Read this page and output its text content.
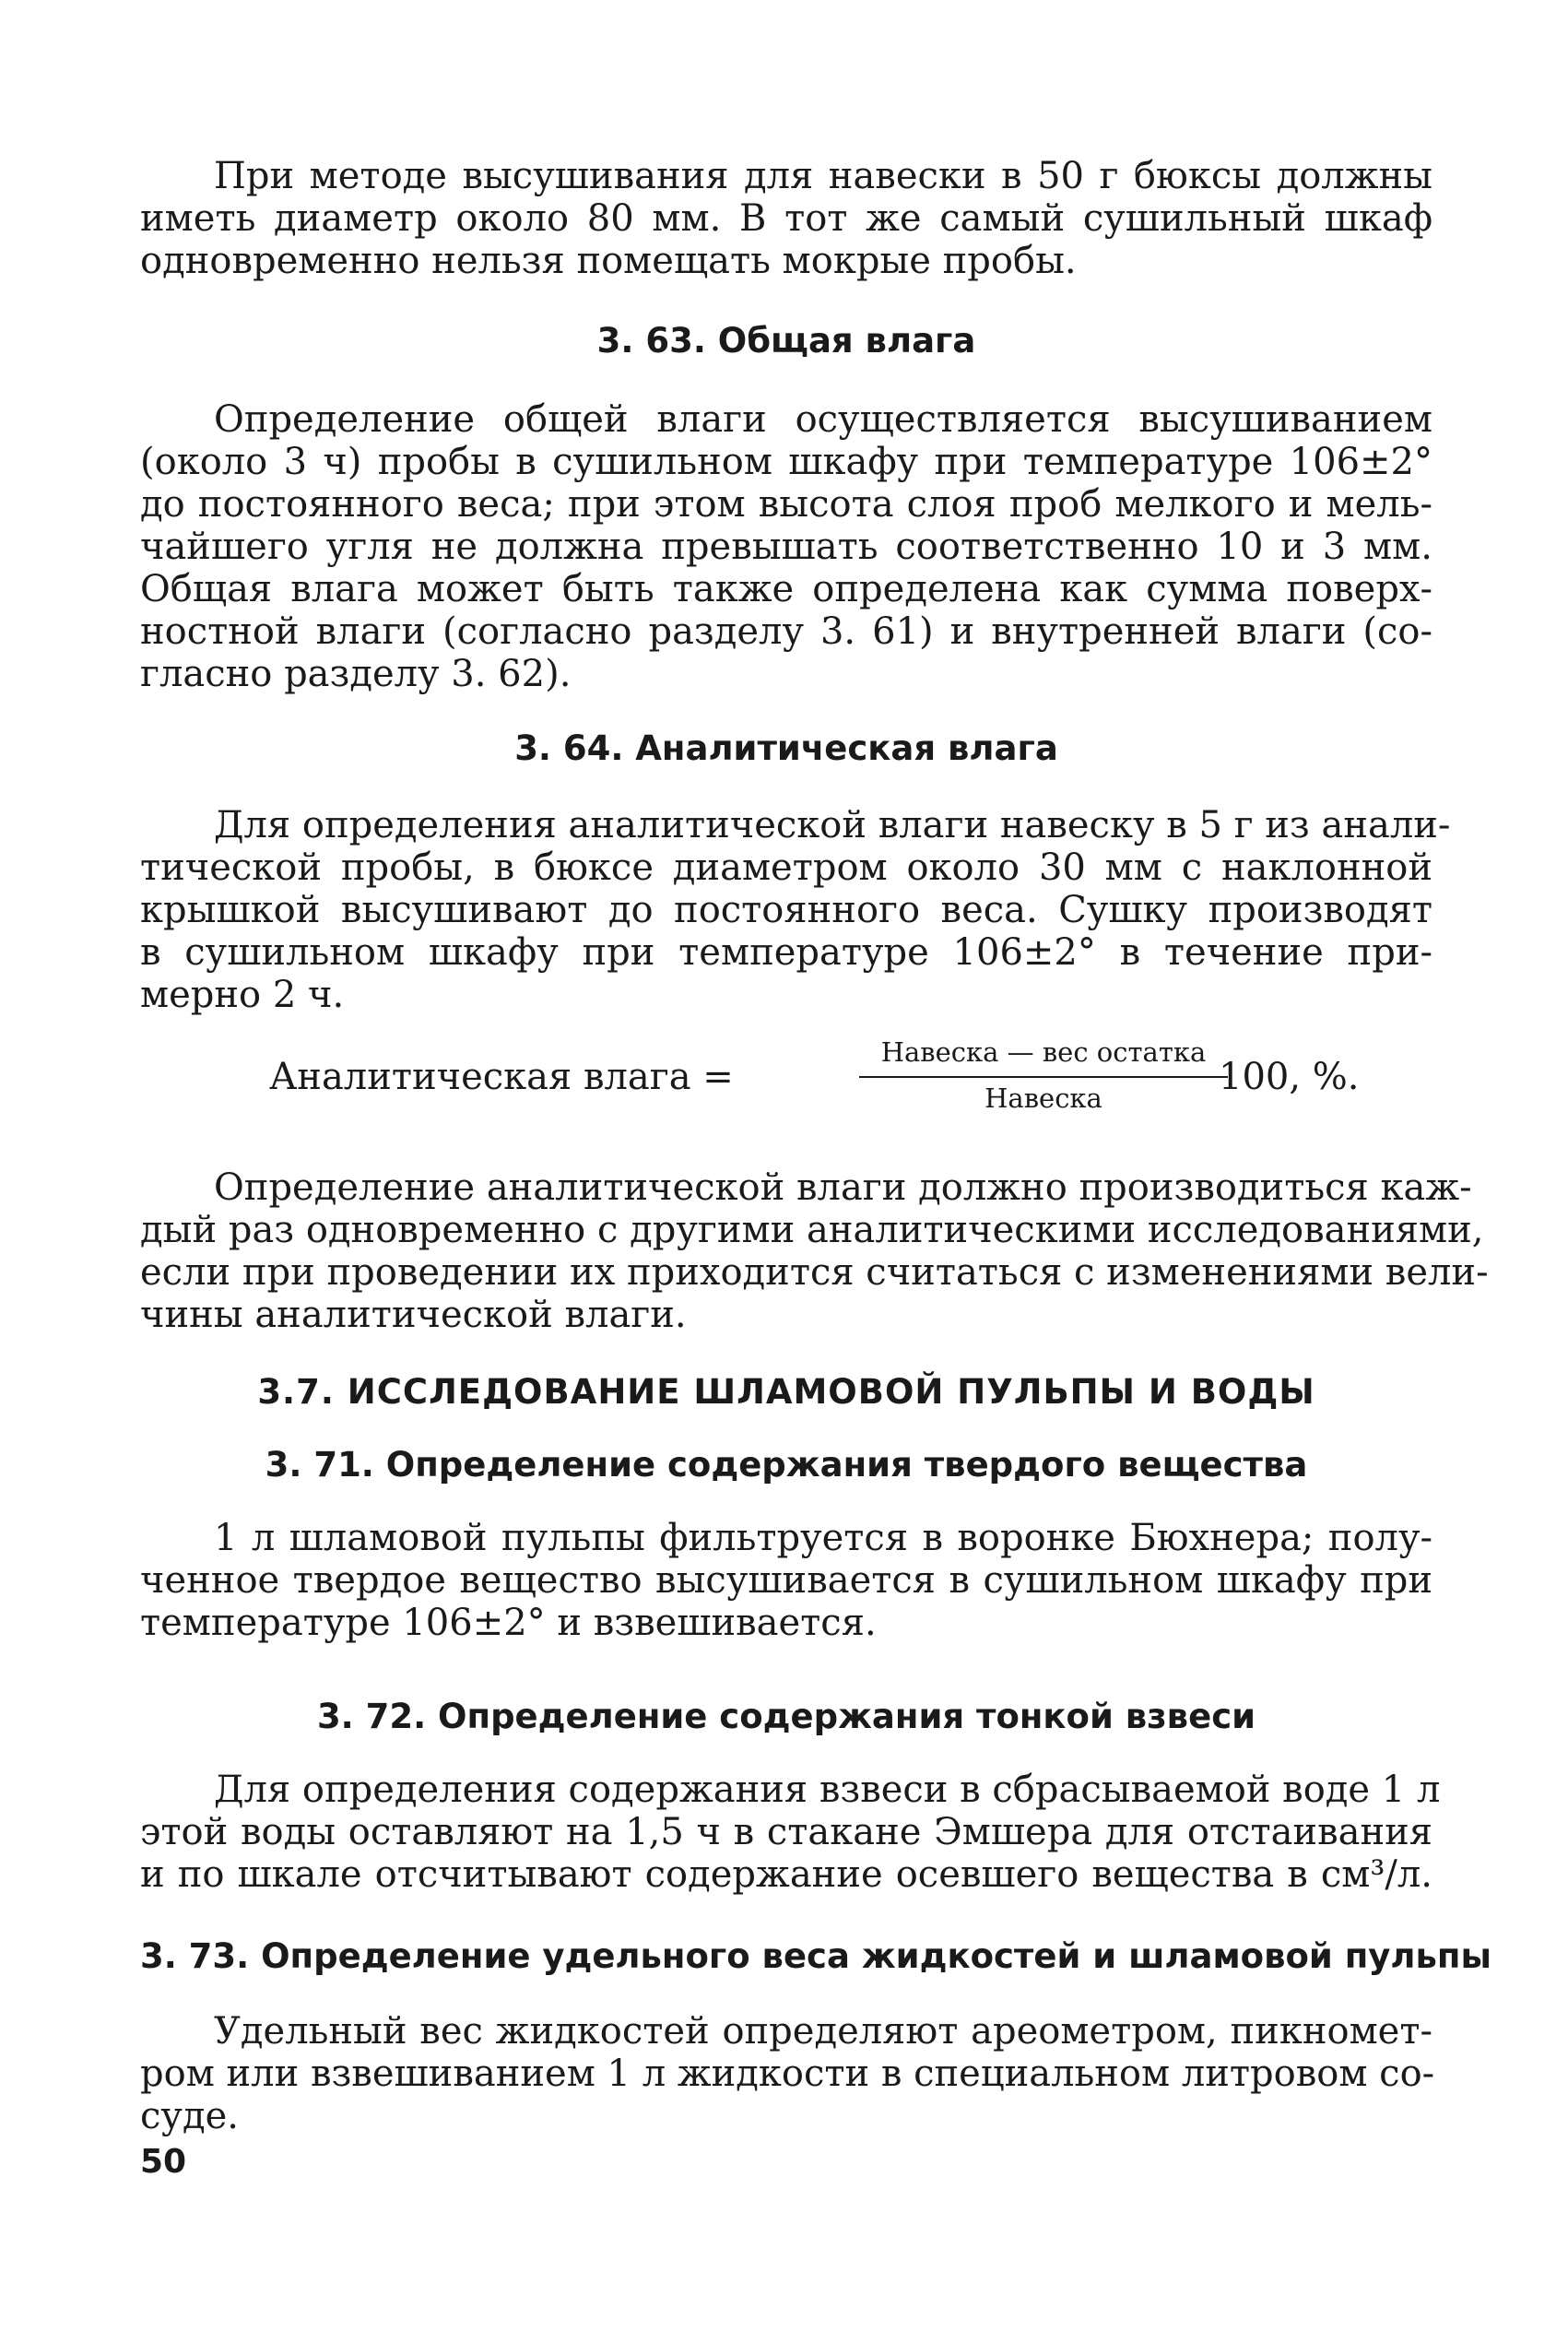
При методе высушивания для навески в 50 г бюксы должны
иметь диаметр около 80 мм. В тот же самый сушильный шкаф
одновременно нельзя помещать мокрые пробы.
3. 63. Общая влага
Определение общей влаги осуществляется высушиванием
(около 3 ч) пробы в сушильном шкафу при температуре 106±2°
до постоянного веса; при этом высота слоя проб мелкого и мель-
чайшего угля не должна превышать соответственно 10 и 3 мм.
Общая влага может быть также определена как сумма поверх-
ностной влаги (согласно разделу 3. 61) и внутренней влаги (со-
гласно разделу 3. 62).
3. 64. Аналитическая влага
Для определения аналитической влаги навеску в 5 г из анали-
тической пробы, в бюксе диаметром около 30 мм с наклонной
крышкой высушивают до постоянного веса. Сушку производят
в сушильном шкафу при температуре 106±2° в течение при-
мерно 2 ч.
Аналитическая влага =
Навеска — вес остатка
Навеска	100, %.
Определение аналитической влаги должно производиться каж-
дый раз одновременно с другими аналитическими исследованиями,
если при проведении их приходится считаться с изменениями вели-
чины аналитической влаги.
3.7. ИССЛЕДОВАНИЕ ШЛАМОВОЙ ПУЛЬПЫ И ВОДЫ
3. 71. Определение содержания твердого вещества
1 л шламовой пульпы фильтруется в воронке Бюхнера; полу-
ченное твердое вещество высушивается в сушильном шкафу при
температуре 106±2° и взвешивается.
3. 72. Определение содержания тонкой взвеси
Для определения содержания взвеси в сбрасываемой воде 1 л
этой воды оставляют на 1,5 ч в стакане Эмшера для отстаивания
и по шкале отсчитывают содержание осевшего вещества в см³/л.
3. 73. Определение удельного веса жидкостей и шламовой пульпы
Удельный вес жидкостей определяют ареометром, пикномет-
ром или взвешиванием 1 л жидкости в специальном литровом со-
суде.
50
